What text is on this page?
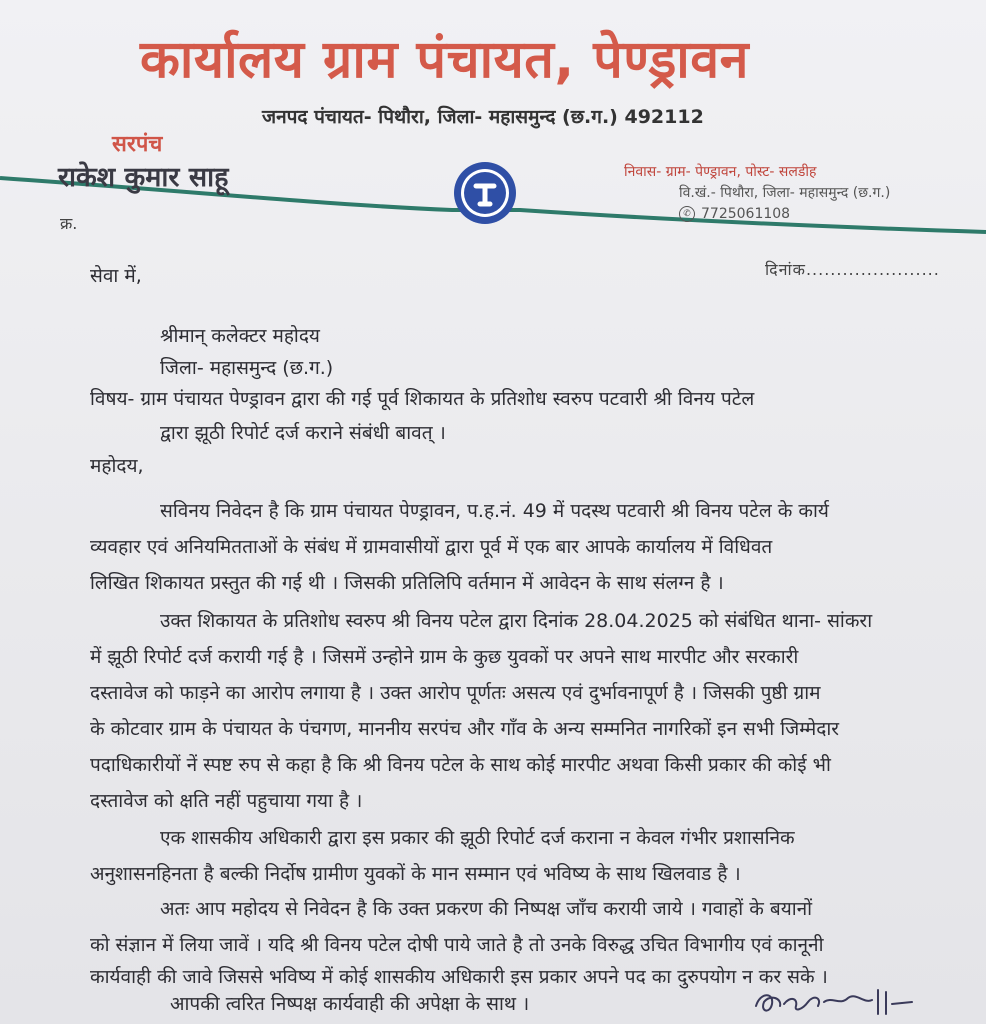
कार्यालय ग्राम पंचायत, पेण्ड्रावन
जनपद पंचायत- पिथौरा, जिला- महासमुन्द (छ.ग.) 492112
सरपंच
राकेश कुमार साहू	निवास- ग्राम- पेण्ड्रावन, पोस्ट- सलडीह
वि.खं.- पिथौरा, जिला- महासमुन्द (छ.ग.)
✆ 7725061108
क्र.
सेवा में,	दिनांक......................
श्रीमान् कलेक्टर महोदय
जिला- महासमुन्द (छ.ग.)
विषय- ग्राम पंचायत पेण्ड्रावन द्वारा की गई पूर्व शिकायत के प्रतिशोध स्वरुप पटवारी श्री विनय पटेल
द्वारा झूठी रिपोर्ट दर्ज कराने संबंधी बावत् ।
महोदय,
सविनय निवेदन है कि ग्राम पंचायत पेण्ड्रावन, प.ह.नं. 49 में पदस्थ पटवारी श्री विनय पटेल के कार्य
व्यवहार एवं अनियमितताओं के संबंध में ग्रामवासीयों द्वारा पूर्व में एक बार आपके कार्यालय में विधिवत
लिखित शिकायत प्रस्तुत की गई थी । जिसकी प्रतिलिपि वर्तमान में आवेदन के साथ संलग्न है ।
उक्त शिकायत के प्रतिशोध स्वरुप श्री विनय पटेल द्वारा दिनांक 28.04.2025 को संबंधित थाना- सांकरा
में झूठी रिपोर्ट दर्ज करायी गई है । जिसमें उन्होने ग्राम के कुछ युवकों पर अपने साथ मारपीट और सरकारी
दस्तावेज को फाड़ने का आरोप लगाया है । उक्त आरोप पूर्णतः असत्य एवं दुर्भावनापूर्ण है । जिसकी पुष्ठी ग्राम
के कोटवार ग्राम के पंचायत के पंचगण, माननीय सरपंच और गाँव के अन्य सम्मनित नागरिकों इन सभी जिम्मेदार
पदाधिकारीयों नें स्पष्ट रुप से कहा है कि श्री विनय पटेल के साथ कोई मारपीट अथवा किसी प्रकार की कोई भी
दस्तावेज को क्षति नहीं पहुचाया गया है ।
एक शासकीय अधिकारी द्वारा इस प्रकार की झूठी रिपोर्ट दर्ज कराना न केवल गंभीर प्रशासनिक
अनुशासनहिनता है बल्की निर्दोष ग्रामीण युवकों के मान सम्मान एवं भविष्य के साथ खिलवाड है ।
अतः आप महोदय से निवेदन है कि उक्त प्रकरण की निष्पक्ष जाँच करायी जाये । गवाहों के बयानों
को संज्ञान में लिया जावें । यदि श्री विनय पटेल दोषी पाये जाते है तो उनके विरुद्ध उचित विभागीय एवं कानूनी
कार्यवाही की जावे जिससे भविष्य में कोई शासकीय अधिकारी इस प्रकार अपने पद का दुरुपयोग न कर सके ।
आपकी त्वरित निष्पक्ष कार्यवाही की अपेक्षा के साथ ।
